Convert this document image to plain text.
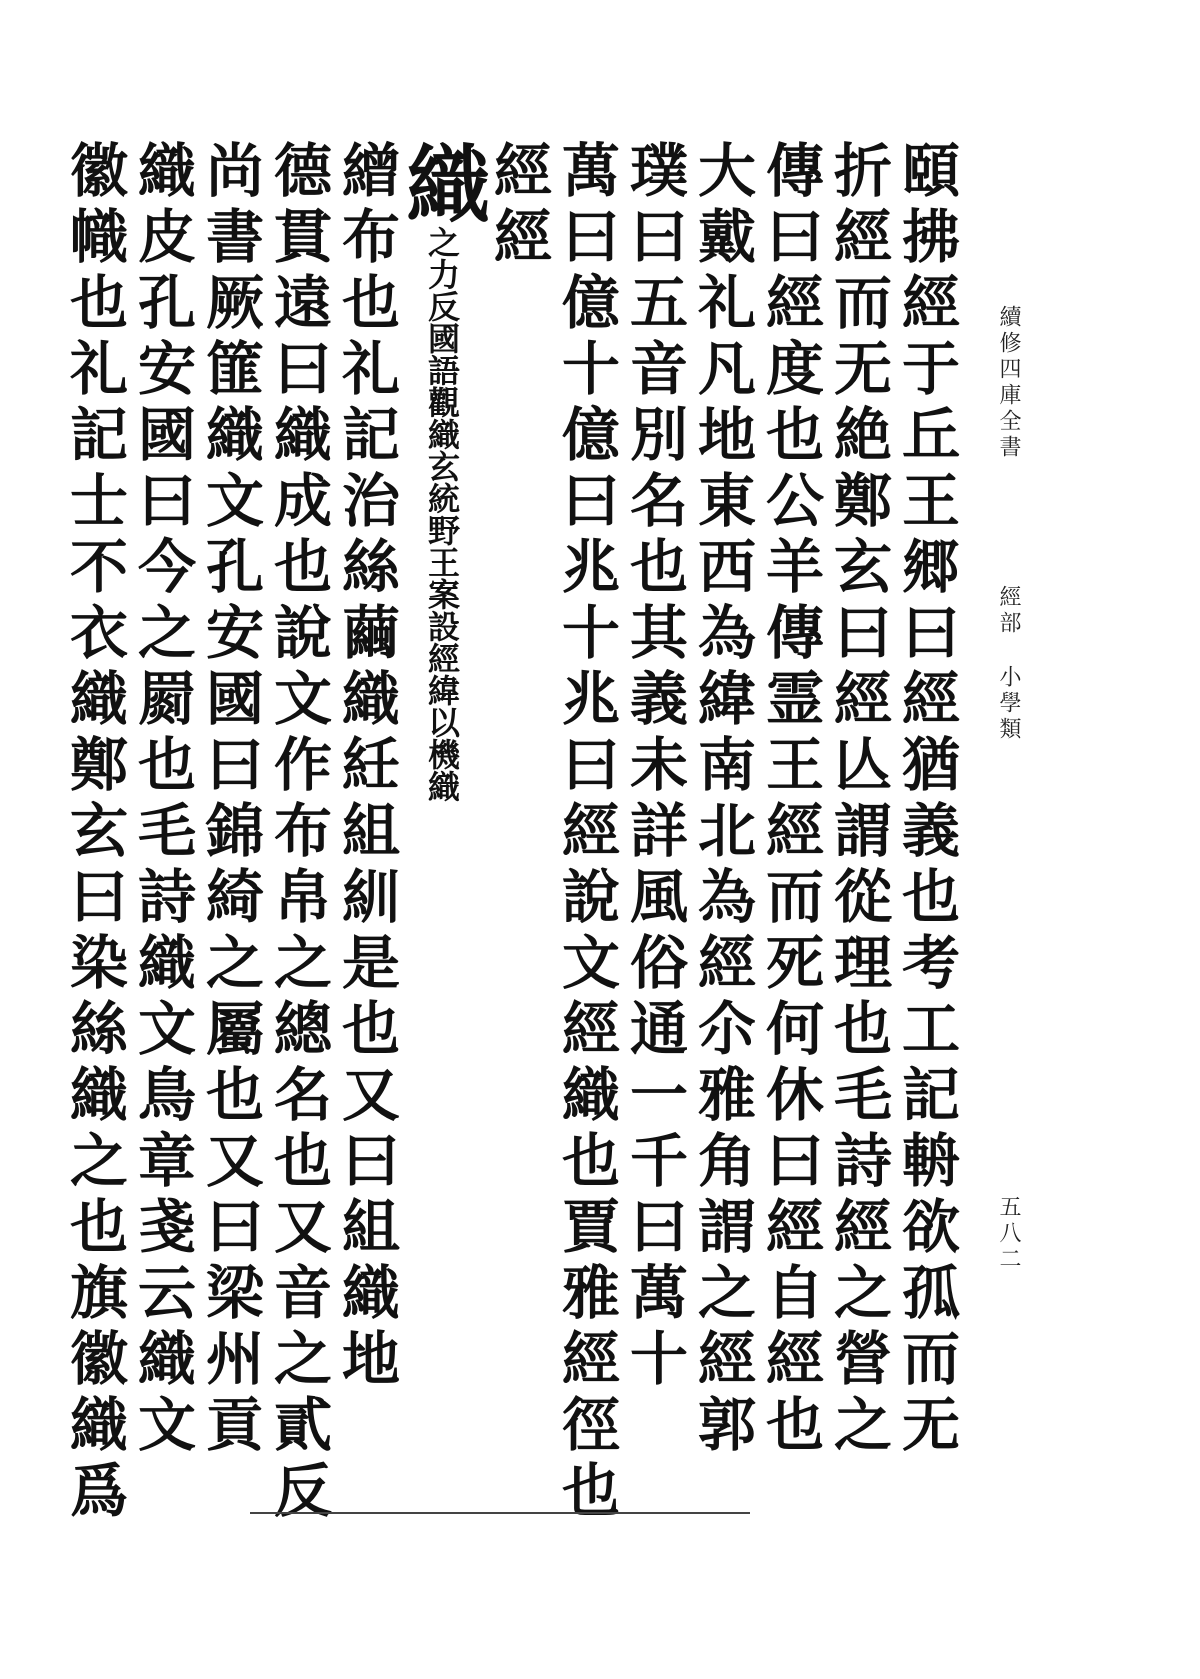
頤拂經于丘王郷曰經猶義也考工記輈欲孤而无
折經而无絶鄭玄曰經亾謂從理也毛詩經之營之
傳曰經度也公羊傳霊王經而死何休曰經自經也
大戴礼凡地東西為緯南北為經尒雅角謂之經郭
璞曰五音別名也其義未詳風俗通一千曰萬十
萬曰億十億曰兆十兆曰經說文經織也賈雅經徑也經經
織之力反國語觀織玄統野王案設經緯以機織
繒布也礼記治絲繭織紝組紃是也又曰組織地
德貫遠曰織成也說文作布帛之總名也又音之貳反
尚書厥篚織文孔安國曰錦綺之屬也又曰梁州貢
織皮孔安國曰今之罽也毛詩織文鳥章戔云織文
徽幟也礼記士不衣織鄭玄曰染絲織之也旗徽織爲	續修四庫全書
經部
小學類
五八二
